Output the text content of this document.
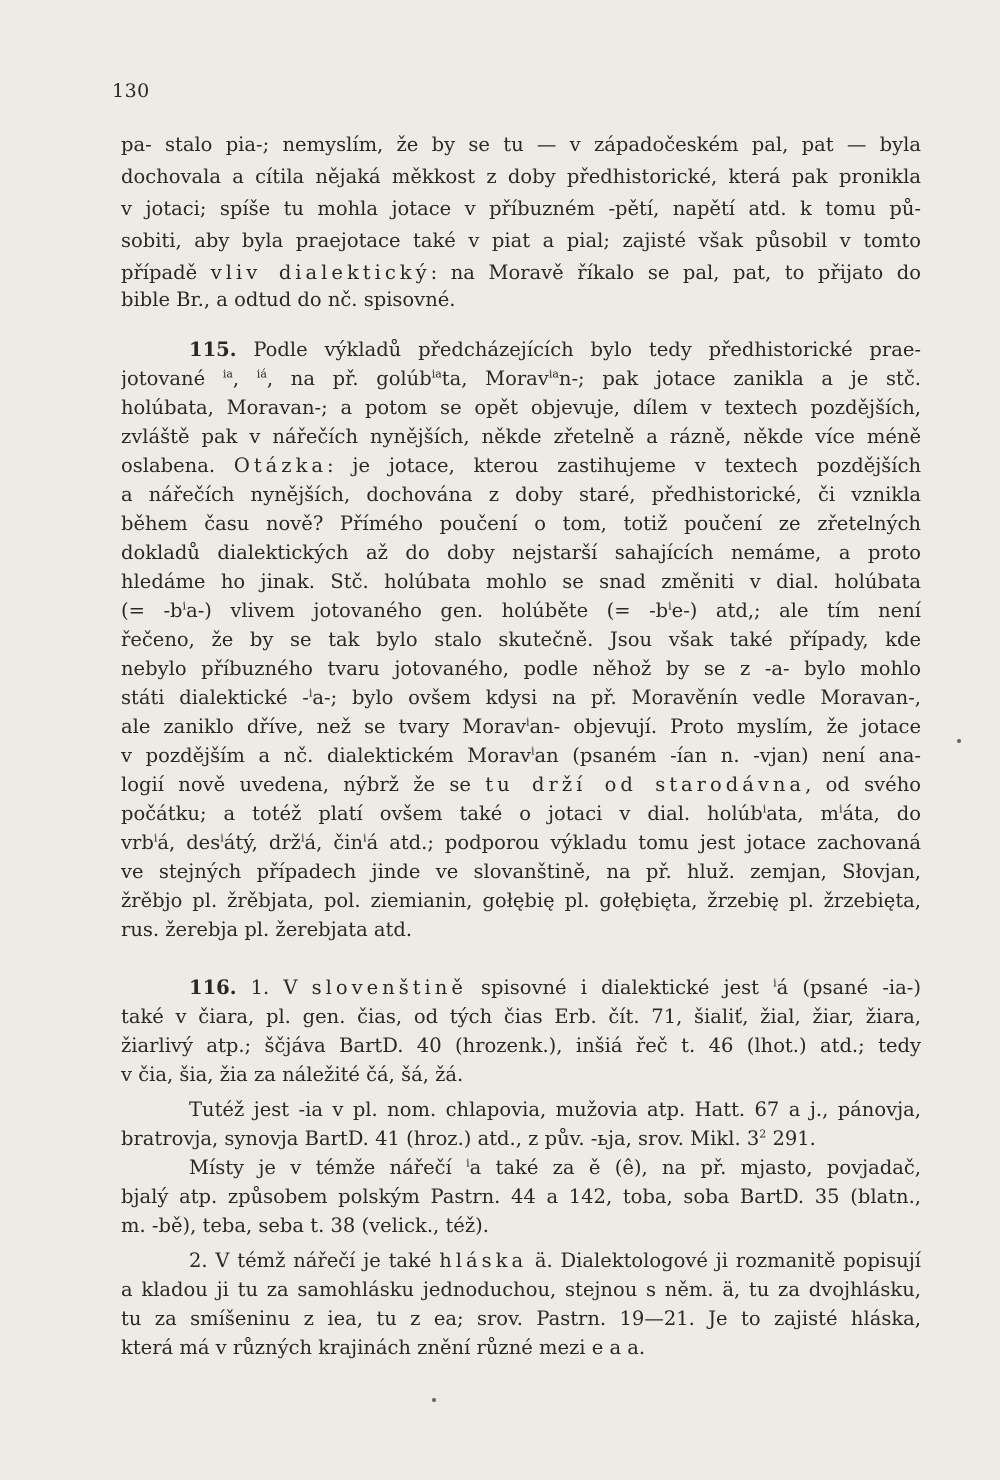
130
pa- stalo pia-; nemyslím, že by se tu — v západočeském pal, pat — byla
dochovala a cítila nějaká měkkost z doby předhistorické, která pak pronikla
v jotaci; spíše tu mohla jotace v příbuzném -pětí, napětí atd. k tomu pů-
sobiti, aby byla praejotace také v piat a pial; zajisté však působil v tomto
případě vliv dialektický: na Moravě říkalo se pal, pat, to přijato do
bible Br., a odtud do nč. spisovné.
115. Podle výkladů předcházejících bylo tedy předhistorické prae-
jotované $^{ia}$, $^{iá}$, na př. golúb$^{ia}$ta, Morav$^{ia}$n-; pak jotace zanikla a je stč.
holúbata, Moravan-; a potom se opět objevuje, dílem v textech pozdějších,
zvláště pak v nářečích nynějších, někde zřetelně a rázně, někde více méně
oslabena. Otázka: je jotace, kterou zastihujeme v textech pozdějších
a nářečích nynějších, dochována z doby staré, předhistorické, či vznikla
během času nově? Přímého poučení o tom, totiž poučení ze zřetelných
dokladů dialektických až do doby nejstarší sahajících nemáme, a proto
hledáme ho jinak. Stč. holúbata mohlo se snad změniti v dial. holúbata
(= $-b^ia-$) vlivem jotovaného gen. holúběte (= $-b^ie-$) atd,; ale tím není
řečeno, že by se tak bylo stalo skutečně. Jsou však také případy, kde
nebylo příbuzného tvaru jotovaného, podle něhož by se z -a- bylo mohlo
státi dialektické -$^i$a-; bylo ovšem kdysi na př. Moravěnín vedle Moravan-,
ale zaniklo dříve, než se tvary Morav$^i$an- objevují. Proto myslím, že jotace
v pozdějším a nč. dialektickém Morav$^i$an (psaném -ían n. -vjan) není ana-
logií nově uvedena, nýbrž že se tu drží od starodávna, od svého
počátku; a totéž platí ovšem také o jotaci v dial. holúb$^i$ata, $m^iáta$, do
vrb$^i$á, des$^i$átý, drž$^i$á, čin$^i$á atd.; podporou výkladu tomu jest jotace zachovaná
ve stejných případech jinde ve slovanštině, na př. hluž. zemjan, Słovjan,
žrěbjo pl. žrěbjata, pol. ziemianin, gołębię pl. gołębięta, žrzebię pl. žrzebięta,
rus. žerebja pl. žerebjata atd.
116. 1. V slovenštině spisovné i dialektické jest $^i$á (psané -ia-)
také v čiara, pl. gen. čias, od tých čias Erb. čít. 71, šialiť, žial, žiar, žiara,
žiarlivý atp.; ščjáva BartD. 40 (hrozenk.), inšiá řeč t. 46 (lhot.) atd.; tedy
v čia, šia, žia za náležité čá, šá, žá.
Tutéž jest -ia v pl. nom. chlapovia, mužovia atp. Hatt. 67 a j., pánovja,
bratrovja, synovja BartD. 41 (hroz.) atd., z pův. -ьja, srov. Mikl. $3^2$ 291.
Místy je v témže nářečí $^i$a také za ě (ê), na př. mjasto, povjadač,
bjalý atp. způsobem polským Pastrn. 44 a 142, toba, soba BartD. 35 (blatn.,
m. -bě), teba, seba t. 38 (velick., též).
2. V témž nářečí je také hláska ä. Dialektologové ji rozmanitě popisují
a kladou ji tu za samohlásku jednoduchou, stejnou s něm. ä, tu za dvojhlásku,
tu za smíšeninu z iea, tu z ea; srov. Pastrn. 19—21. Je to zajisté hláska,
která má v různých krajinách znění různé mezi e a a.
